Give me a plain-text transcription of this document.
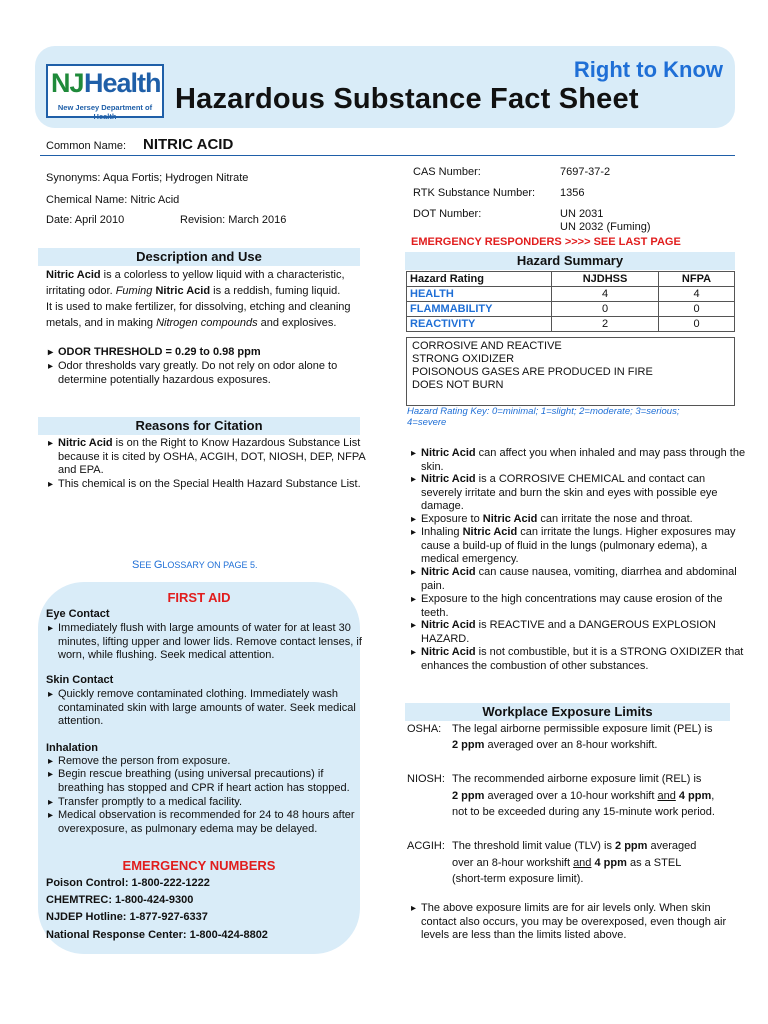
NJ Health
New Jersey Department of Health
Right to Know
Hazardous Substance Fact Sheet
Common Name: NITRIC ACID
Synonyms: Aqua Fortis; Hydrogen Nitrate
Chemical Name: Nitric Acid
Date: April 2010	Revision: March 2016
CAS Number:	7697-37-2
RTK Substance Number: 1356
DOT Number:	UN 2031
UN 2032 (Fuming)
EMERGENCY RESPONDERS >>>> SEE LAST PAGE
Description and Use
Nitric Acid is a colorless to yellow liquid with a characteristic,
irritating odor. Fuming Nitric Acid is a reddish, fuming liquid.
It is used to make fertilizer, for dissolving, etching and cleaning
metals, and in making Nitrogen compounds and explosives.
▸ ODOR THRESHOLD = 0.29 to 0.98 ppm
▸ Odor thresholds vary greatly. Do not rely on odor alone to determine potentially hazardous exposures.
Reasons for Citation
▸ Nitric Acid is on the Right to Know Hazardous Substance List because it is cited by OSHA, ACGIH, DOT, NIOSH, DEP, NFPA and EPA.
▸ This chemical is on the Special Health Hazard Substance List.
SEE GLOSSARY ON PAGE 5.
FIRST AID
Eye Contact
▸ Immediately flush with large amounts of water for at least 30 minutes, lifting upper and lower lids. Remove contact lenses, if worn, while flushing. Seek medical attention.
Skin Contact
▸ Quickly remove contaminated clothing. Immediately wash contaminated skin with large amounts of water. Seek medical attention.
Inhalation
▸ Remove the person from exposure.
▸ Begin rescue breathing (using universal precautions) if breathing has stopped and CPR if heart action has stopped.
▸ Transfer promptly to a medical facility.
▸ Medical observation is recommended for 24 to 48 hours after overexposure, as pulmonary edema may be delayed.
EMERGENCY NUMBERS
Poison Control: 1-800-222-1222
CHEMTREC: 1-800-424-9300
NJDEP Hotline: 1-877-927-6337
National Response Center: 1-800-424-8802
Hazard Summary
Hazard Rating	NJDHSS	NFPA
HEALTH	4	4
FLAMMABILITY	0	0
REACTIVITY	2	0
CORROSIVE AND REACTIVE
STRONG OXIDIZER
POISONOUS GASES ARE PRODUCED IN FIRE
DOES NOT BURN
Hazard Rating Key: 0=minimal; 1=slight; 2=moderate; 3=serious;
4=severe
▸ Nitric Acid can affect you when inhaled and may pass through the skin.
▸ Nitric Acid is a CORROSIVE CHEMICAL and contact can severely irritate and burn the skin and eyes with possible eye damage.
▸ Exposure to Nitric Acid can irritate the nose and throat.
▸ Inhaling Nitric Acid can irritate the lungs. Higher exposures may cause a build-up of fluid in the lungs (pulmonary edema), a medical emergency.
▸ Nitric Acid can cause nausea, vomiting, diarrhea and abdominal pain.
▸ Exposure to the high concentrations may cause erosion of the teeth.
▸ Nitric Acid is REACTIVE and a DANGEROUS EXPLOSION HAZARD.
▸ Nitric Acid is not combustible, but it is a STRONG OXIDIZER that enhances the combustion of other substances.
Workplace Exposure Limits
OSHA: The legal airborne permissible exposure limit (PEL) is
2 ppm averaged over an 8-hour workshift.
NIOSH: The recommended airborne exposure limit (REL) is
2 ppm averaged over a 10-hour workshift and 4 ppm,
not to be exceeded during any 15-minute work period.
ACGIH: The threshold limit value (TLV) is 2 ppm averaged
over an 8-hour workshift and 4 ppm as a STEL
(short-term exposure limit).
▸ The above exposure limits are for air levels only. When skin contact also occurs, you may be overexposed, even though air levels are less than the limits listed above.
